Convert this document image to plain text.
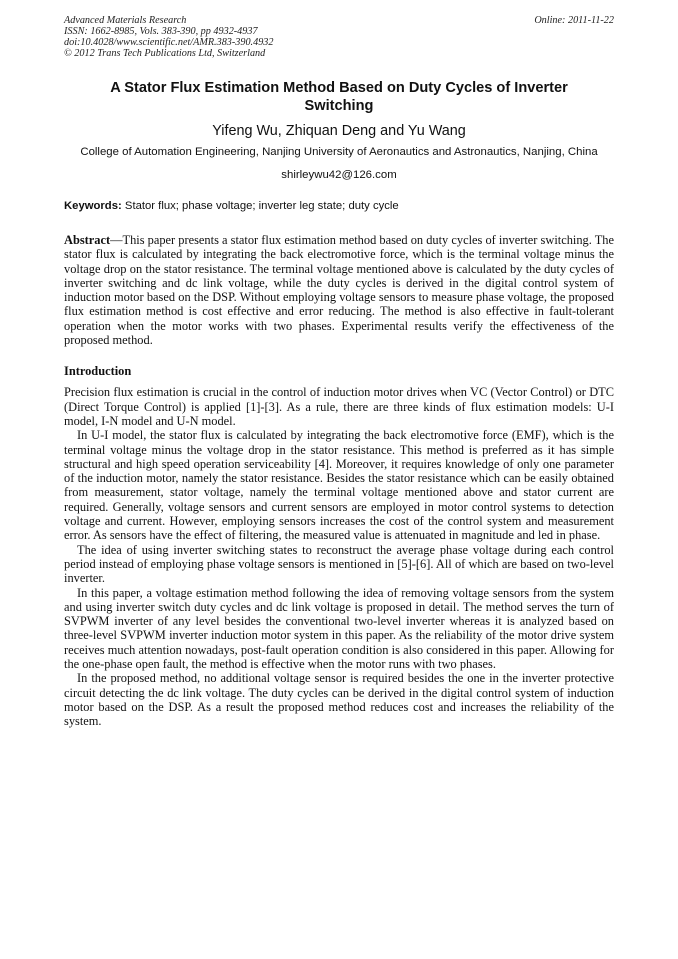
Advanced Materials Research
ISSN: 1662-8985, Vols. 383-390, pp 4932-4937
doi:10.4028/www.scientific.net/AMR.383-390.4932
© 2012 Trans Tech Publications Ltd, Switzerland
Online: 2011-11-22
A Stator Flux Estimation Method Based on Duty Cycles of Inverter Switching
Yifeng Wu, Zhiquan Deng and Yu Wang
College of Automation Engineering, Nanjing University of Aeronautics and Astronautics, Nanjing, China
shirleywu42@126.com
Keywords: Stator flux; phase voltage; inverter leg state; duty cycle
Abstract—This paper presents a stator flux estimation method based on duty cycles of inverter switching. The stator flux is calculated by integrating the back electromotive force, which is the terminal voltage minus the voltage drop on the stator resistance. The terminal voltage mentioned above is calculated by the duty cycles of inverter switching and dc link voltage, while the duty cycles is derived in the digital control system of induction motor based on the DSP. Without employing voltage sensors to measure phase voltage, the proposed flux estimation method is cost effective and error reducing. The method is also effective in fault-tolerant operation when the motor works with two phases. Experimental results verify the effectiveness of the proposed method.
Introduction

Precision flux estimation is crucial in the control of induction motor drives when VC (Vector Control) or DTC (Direct Torque Control) is applied [1]-[3]. As a rule, there are three kinds of flux estimation models: U-I model, I-N model and U-N model.

In U-I model, the stator flux is calculated by integrating the back electromotive force (EMF), which is the terminal voltage minus the voltage drop in the stator resistance. This method is preferred as it has simple structural and high speed operation serviceability [4]. Moreover, it requires knowledge of only one parameter of the induction motor, namely the stator resistance. Besides the stator resistance which can be easily obtained from measurement, stator voltage, namely the terminal voltage mentioned above and stator current are required. Generally, voltage sensors and current sensors are employed in motor control systems to detection voltage and current. However, employing sensors increases the cost of the control system and measurement error. As sensors have the effect of filtering, the measured value is attenuated in magnitude and led in phase.

The idea of using inverter switching states to reconstruct the average phase voltage during each control period instead of employing phase voltage sensors is mentioned in [5]-[6]. All of which are based on two-level inverter.

In this paper, a voltage estimation method following the idea of removing voltage sensors from the system and using inverter switch duty cycles and dc link voltage is proposed in detail. The method serves the turn of SVPWM inverter of any level besides the conventional two-level inverter whereas it is analyzed based on three-level SVPWM inverter induction motor system in this paper. As the reliability of the motor drive system receives much attention nowadays, post-fault operation condition is also considered in this paper. Allowing for the one-phase open fault, the method is effective when the motor runs with two phases.

In the proposed method, no additional voltage sensor is required besides the one in the inverter protective circuit detecting the dc link voltage. The duty cycles can be derived in the digital control system of induction motor based on the DSP. As a result the proposed method reduces cost and increases the reliability of the system.
